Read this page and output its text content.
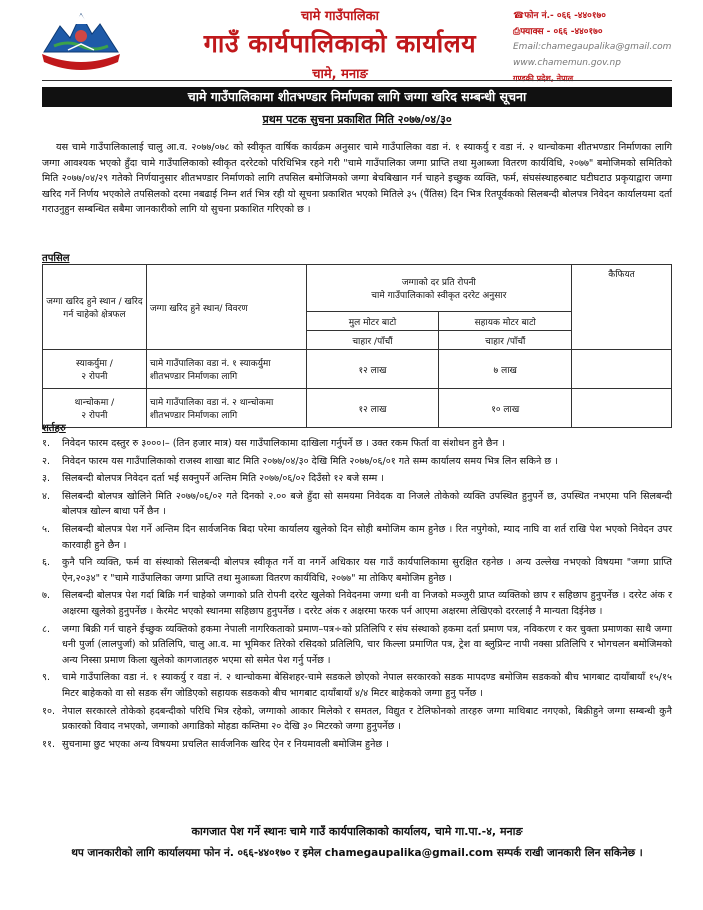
चामे गाउँपालिका
गाउँ कार्यपालिकाको कार्यालय
चामे, मनाङ
☎फोन नं.- ०६६ -४४०१७०
⎙फ्याक्स - ०६६ -४४०१७०
Email:chamegaupalika@gmail.com
www.chamemun.gov.np
गण्डकी प्रदेश, नेपाल
चामे गाउँपालिकामा शीतभण्डार निर्माणका लागि जग्गा खरिद सम्बन्धी सूचना
प्रथम पटक सुचना प्रकाशित मिति २०७७/०४/३०
यस चामे गाउँपालिकालाई चालु आ.व. २०७७/०७८ को स्वीकृत वार्षिक कार्यक्रम अनुसार चामे गाउँपालिका वडा नं. १ स्याकर्यु र वडा नं. २ थान्चोकमा शीतभण्डार निर्माणका लागि जग्गा आवश्यक भएको हुँदा चामे गाउँपालिकाको स्वीकृत दररेटको परिधिभित्र रहने गरी "चामे गाउँपालिका जग्गा प्राप्ति तथा मुआब्जा वितरण कार्यविधि, २०७७" बमोजिमको समितिको मिति २०७७/०४/२९ गतेको निर्णयानुसार शीतभण्डार निर्माणको लागि तपसिल बमोजिमको जग्गा बेचबिखान गर्न चाहने इच्छुक व्यक्ति, फर्म, संघसंस्थाहरुबाट घटीघटाउ प्रकृयाद्वारा जग्गा खरिद गर्ने निर्णय भएकोले तपसिलको दरमा नबढाई निम्न शर्त भित्र रही यो सूचना प्रकाशित भएको मितिले ३५ (पैंतिस) दिन भित्र रितपूर्वकको सिलबन्दी बोलपत्र निवेदन कार्यालयमा दर्ता गराउनुहुन सम्बन्धित सबैमा जानकारीको लागि यो सुचना प्रकाशित गरिएको छ ।
तपसिल
जग्गा खरिद हुने स्थान / खरिद गर्न चाहेको क्षेत्रफल	जग्गा खरिद हुने स्थान/ विवरण	जग्गाको दर प्रति रोपनी
चामे गाउँपालिकाको स्वीकृत दररेट अनुसार		कैफियत
		मुल मोटर बाटो	सहायक मोटर बाटो	
		चाहार /पाँचौं	चाहार /पाँचौं	
स्याकर्युमा /
२ रोपनी	चामे गाउँपालिका वडा नं. १ स्याकर्युमा शीतभण्डार निर्माणका लागि	१२ लाख	७ लाख	
थान्चोकमा /
२ रोपनी	चामे गाउँपालिका वडा नं. २ थान्चोकमा शीतभण्डार निर्माणका लागि	१२ लाख	१० लाख	
शर्तहरु
१.	निवेदन फारम दस्तुर रु ३०००।– (तिन हजार मात्र) यस गाउँपालिकामा दाखिला गर्नुपर्ने छ । उक्त रकम फिर्ता वा संशोधन हुने छैन ।
२.	निवेदन फारम यस गाउँपालिकाको राजस्व शाखा बाट मिति २०७७/०४/३० देखि मिति २०७७/०६/०१ गते सम्म कार्यालय समय भित्र लिन सकिने छ ।
३.	सिलबन्दी बोलपत्र निवेदन दर्ता भई सक्नुपर्ने अन्तिम मिति २०७७/०६/०२ दिउँसो १२ बजे सम्म ।
४.	सिलबन्दी बोलपत्र खोलिने मिति २०७७/०६/०२ गते दिनको २.०० बजे हुँदा सो समयमा निवेदक वा निजले तोकेको व्यक्ति उपस्थित हुनुपर्ने छ, उपस्थित नभएमा पनि सिलबन्दी बोलपत्र खोल्न बाधा पर्ने छैन ।
५.	सिलबन्दी बोलपत्र पेश गर्ने अन्तिम दिन सार्वजनिक बिदा परेमा कार्यालय खुलेको दिन सोही बमोजिम काम हुनेछ । रित नपुगेको, म्याद नाघि वा शर्त राखि पेश भएको निवेदन उपर कारवाही हुने छैन ।
६.	कुनै पनि व्यक्ति, फर्म वा संस्थाको सिलबन्दी बोलपत्र स्वीकृत गर्ने वा नगर्ने अधिकार यस गाउँ कार्यपालिकामा सुरक्षित रहनेछ । अन्य उल्लेख नभएको विषयमा "जग्गा प्राप्ति ऐन,२०३४" र "चामे गाउँपालिका जग्गा प्राप्ति तथा मुआब्जा वितरण कार्यविधि, २०७७" मा तोकिए बमोजिम हुनेछ ।
७.	सिलबन्दी बोलपत्र पेश गर्दा बिक्रि गर्न चाहेको जग्गाको प्रति रोपनी दररेट खुलेको निवेदनमा जग्गा धनी वा निजको मञ्जुरी प्राप्त व्यक्तिको छाप र सहिछाप हुनुपर्नेछ । दररेट अंक र अक्षरमा खुलेको हुनुपर्नेछ । केरमेट भएको स्थानमा सहिछाप हुनुपर्नेछ । दररेट अंक र अक्षरमा फरक पर्न आएमा अक्षरमा लेखिएको दररलाई नै मान्यता दिईनेछ ।
८.	जग्गा बिक्री गर्न चाहने ईच्छुक व्यक्तिको हकमा नेपाली नागरिकताको प्रमाण–पत्र÷को प्रतिलिपि र संघ संस्थाको हकमा दर्ता प्रमाण पत्र, नविकरण र कर चुक्ता प्रमाणका साथै जग्गा धनी पुर्जा (लालपुर्जा) को प्रतिलिपि, चालु आ.व. मा भूमिकर तिरेको रसिदको प्रतिलिपि, चार किल्ला प्रमाणित पत्र, ट्रेश वा ब्लुप्रिन्ट नापी नक्सा प्रतिलिपि र भोगचलन बमोजिमको अन्य निस्सा प्रमाण किला खुलेको कागजातहरु भएमा सो समेत पेश गर्नु पर्नेछ ।
९.	चामे गाउँपालिका वडा नं. १ स्याकर्यु र वडा नं. २ थान्चोकमा बेसिशहर-चामे सडकले छोएको नेपाल सरकारको सडक मापदण्ड बमोजिम सडकको बीच भागबाट दायाँबायाँ १५/१५ मिटर बाहेकको वा सो सडक सँग जोडिएको सहायक सडकको बीच भागबाट दायाँबायाँ ४/४ मिटर बाहेकको जग्गा हुनु पर्नेछ ।
१०. नेपाल सरकारले तोकेको हदबन्दीको परिधि भित्र रहेको, जग्गाको आकार मिलेको र समतल, विद्युत र टेलिफोनको तारहरु जग्गा माथिबाट नगएको, बिक्रीहुने जग्गा सम्बन्धी कुनै प्रकारको विवाद नभएको, जग्गाको अगाडिको मोहडा कम्तिमा २० देखि ३० मिटरको जग्गा हुनुपर्नेछ ।
११. सुचनामा छुट भएका अन्य विषयमा प्रचलित सार्वजनिक खरिद ऐन र नियमावली बमोजिम हुनेछ ।
कागजात पेश गर्ने स्थानः चामे गाउँ कार्यपालिकाको कार्यालय, चामे गा.पा.-४, मनाङ
थप जानकारीको लागि कार्यालयमा फोन नं. ०६६-४४०१७० र इमेल chamegaupalika@gmail.com सम्पर्क राखी जानकारी लिन सकिनेछ ।
